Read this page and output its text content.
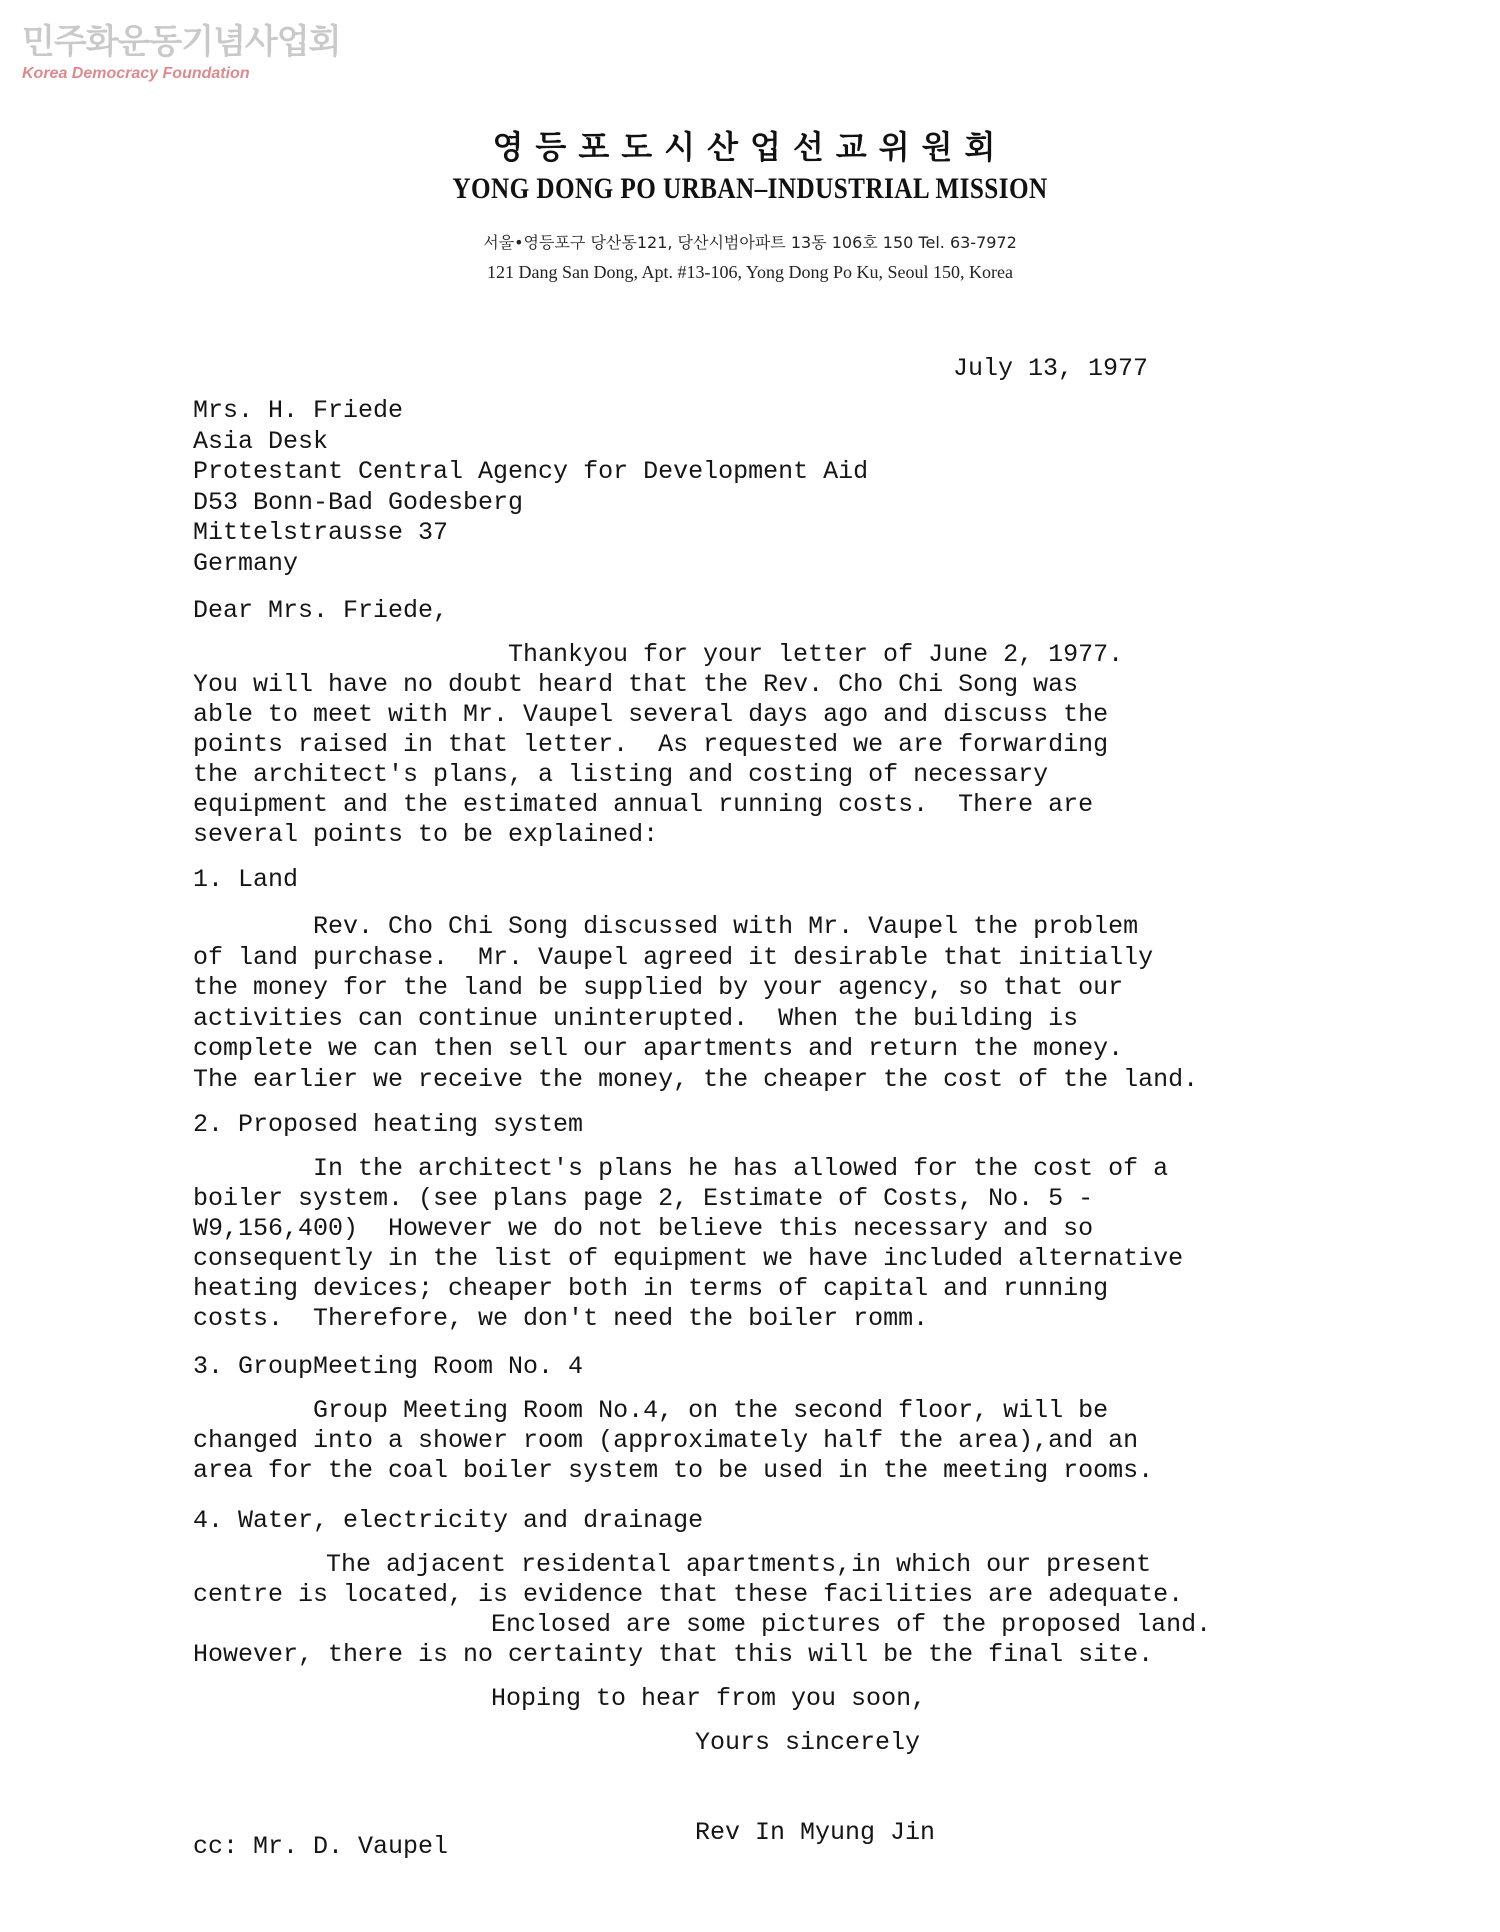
민주화운동기념사업회
Korea Democracy Foundation
영등포도시산업선교위원회
YONG DONG PO URBAN–INDUSTRIAL MISSION
서울•영등포구 당산동121, 당산시범아파트 13동 106호 150 Tel. 63-7972
121 Dang San Dong, Apt. #13-106, Yong Dong Po Ku, Seoul 150, Korea
July 13, 1977
Mrs. H. Friede
Asia Desk
Protestant Central Agency for Development Aid
D53 Bonn-Bad Godesberg
Mittelstrausse 37
Germany
Dear Mrs. Friede,
Thankyou for your letter of June 2, 1977.
You will have no doubt heard that the Rev. Cho Chi Song was
able to meet with Mr. Vaupel several days ago and discuss the
points raised in that letter.  As requested we are forwarding
the architect's plans, a listing and costing of necessary
equipment and the estimated annual running costs.  There are
several points to be explained:
1. Land
Rev. Cho Chi Song discussed with Mr. Vaupel the problem
of land purchase.  Mr. Vaupel agreed it desirable that initially
the money for the land be supplied by your agency, so that our
activities can continue uninterupted.  When the building is
complete we can then sell our apartments and return the money.
The earlier we receive the money, the cheaper the cost of the land.
2. Proposed heating system
In the architect's plans he has allowed for the cost of a
boiler system. (see plans page 2, Estimate of Costs, No. 5 -
W9,156,400)  However we do not believe this necessary and so
consequently in the list of equipment we have included alternative
heating devices; cheaper both in terms of capital and running
costs.  Therefore, we don't need the boiler romm.
3. GroupMeeting Room No. 4
Group Meeting Room No.4, on the second floor, will be
changed into a shower room (approximately half the area),and an
area for the coal boiler system to be used in the meeting rooms.
4. Water, electricity and drainage
The adjacent residental apartments,in which our present
centre is located, is evidence that these facilities are adequate.
Enclosed are some pictures of the proposed land.
However, there is no certainty that this will be the final site.
Hoping to hear from you soon,
Yours sincerely
Rev In Myung Jin
cc: Mr. D. Vaupel
